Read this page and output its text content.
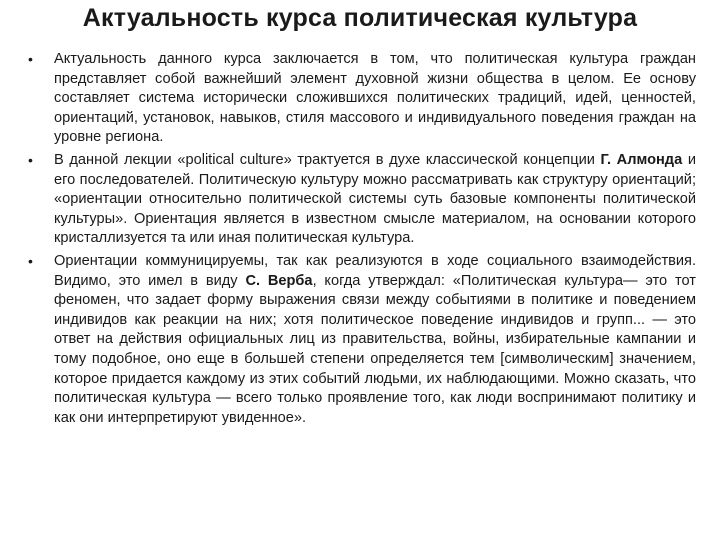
Актуальность курса политическая культура
• Актуальность данного курса заключается в том, что политическая культура граждан представляет собой важнейший элемент духовной жизни общества в целом. Ее основу составляет система исторически сложившихся политических традиций, идей, ценностей, ориентаций, установок, навыков, стиля массового и индивидуального поведения граждан на уровне региона.
• В данной лекции «political culture» трактуется в духе классической концепции Г. Алмонда и его последователей. Политическую культуру можно рассматривать как структуру ориентаций; «ориентации относительно политической системы суть базовые компоненты политической культуры». Ориентация является в известном смысле материалом, на основании которого кристаллизуется та или иная политическая культура.
• Ориентации коммуницируемы, так как реализуются в ходе социального взаимодействия. Видимо, это имел в виду С. Верба, когда утверждал: «Политическая культура— это тот феномен, что задает форму выражения связи между событиями в политике и поведением индивидов как реакции на них; хотя политическое поведение индивидов и групп... — это ответ на действия официальных лиц из правительства, войны, избирательные кампании и тому подобное, оно еще в большей степени определяется тем [символическим] значением, которое придается каждому из этих событий людьми, их наблюдающими. Можно сказать, что политическая культура — всего только проявление того, как люди воспринимают политику и как они интерпретируют увиденное».
